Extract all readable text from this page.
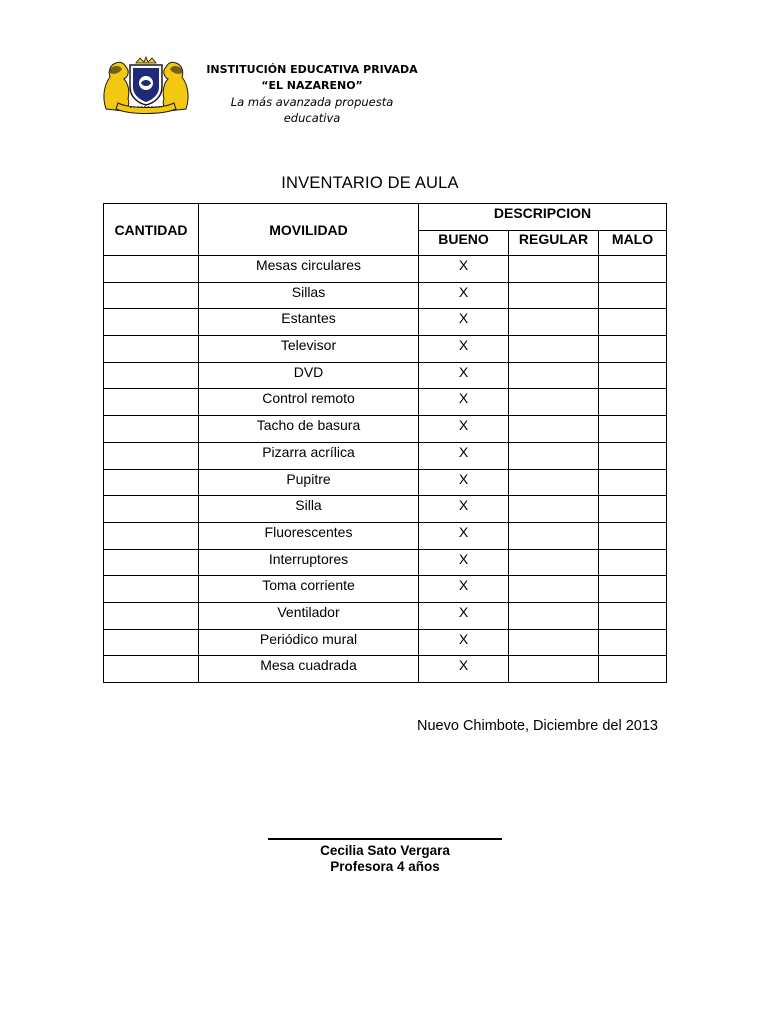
INSTITUCIÓN EDUCATIVA PRIVADA
“EL NAZARENO”
La más avanzada propuesta
educativa
INVENTARIO DE AULA
CANTIDAD	MOVILIDAD	DESCRIPCION		
		BUENO	REGULAR	MALO
	Mesas circulares	X		
	Sillas	X		
	Estantes	X		
	Televisor	X		
	DVD	X		
	Control remoto	X		
	Tacho de basura	X		
	Pizarra acrílica	X		
	Pupitre	X		
	Silla	X		
	Fluorescentes	X		
	Interruptores	X		
	Toma corriente	X		
	Ventilador	X		
	Periódico mural	X		
	Mesa cuadrada	X		
Nuevo Chimbote, Diciembre del 2013
Cecilia Sato Vergara
Profesora 4 años
